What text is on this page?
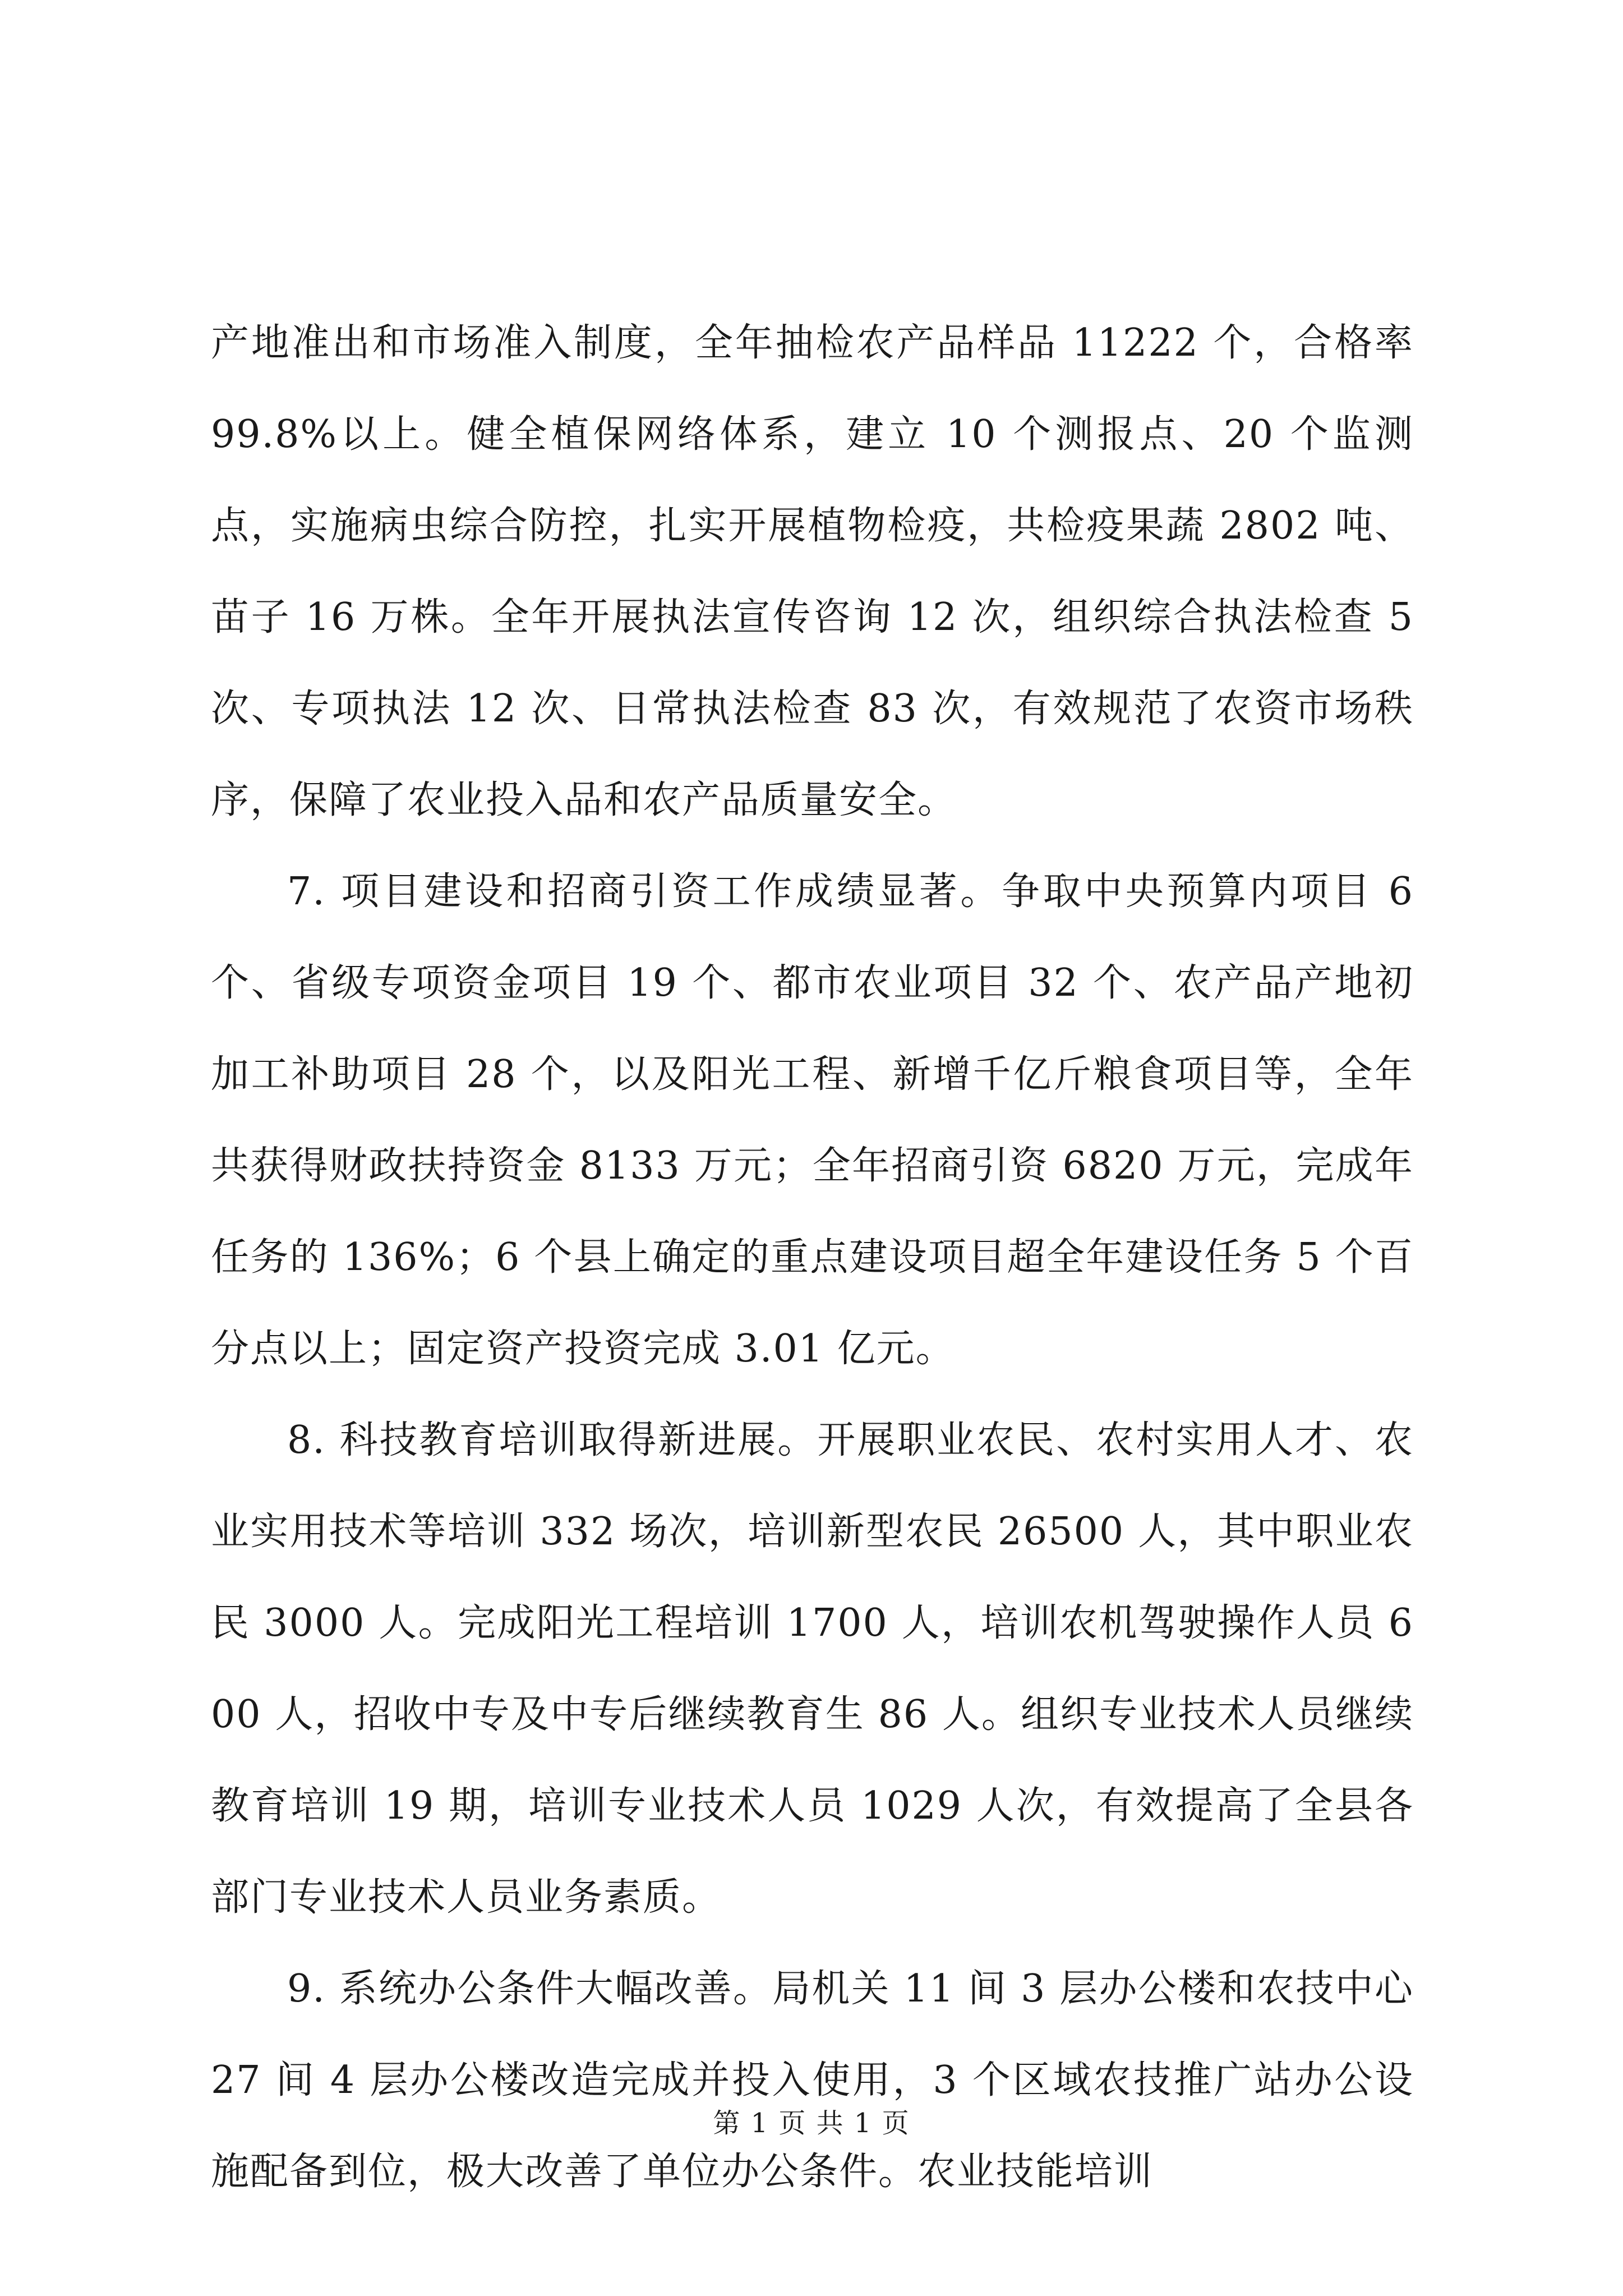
产地准出和市场准入制度，全年抽检农产品样品 11222 个，合格率 99.8%以上。健全植保网络体系，建立 10 个测报点、20 个监测点，实施病虫综合防控，扎实开展植物检疫，共检疫果蔬 2802 吨、苗子 16 万株。全年开展执法宣传咨询 12 次，组织综合执法检查 5 次、专项执法 12 次、日常执法检查 83 次，有效规范了农资市场秩序，保障了农业投入品和农产品质量安全。

7. 项目建设和招商引资工作成绩显著。争取中央预算内项目 6 个、省级专项资金项目 19 个、都市农业项目 32 个、农产品产地初加工补助项目 28 个，以及阳光工程、新增千亿斤粮食项目等，全年共获得财政扶持资金 8133 万元；全年招商引资 6820 万元，完成年任务的 136%；6 个县上确定的重点建设项目超全年建设任务 5 个百分点以上；固定资产投资完成 3.01 亿元。

8. 科技教育培训取得新进展。开展职业农民、农村实用人才、农业实用技术等培训 332 场次，培训新型农民 26500 人，其中职业农民 3000 人。完成阳光工程培训 1700 人，培训农机驾驶操作人员 600 人，招收中专及中专后继续教育生 86 人。组织专业技术人员继续教育培训 19 期，培训专业技术人员 1029 人次，有效提高了全县各部门专业技术人员业务素质。

9. 系统办公条件大幅改善。局机关 11 间 3 层办公楼和农技中心 27 间 4 层办公楼改造完成并投入使用，3 个区域农技推广站办公设施配备到位，极大改善了单位办公条件。农业技能培训

第 1 页 共 1 页
